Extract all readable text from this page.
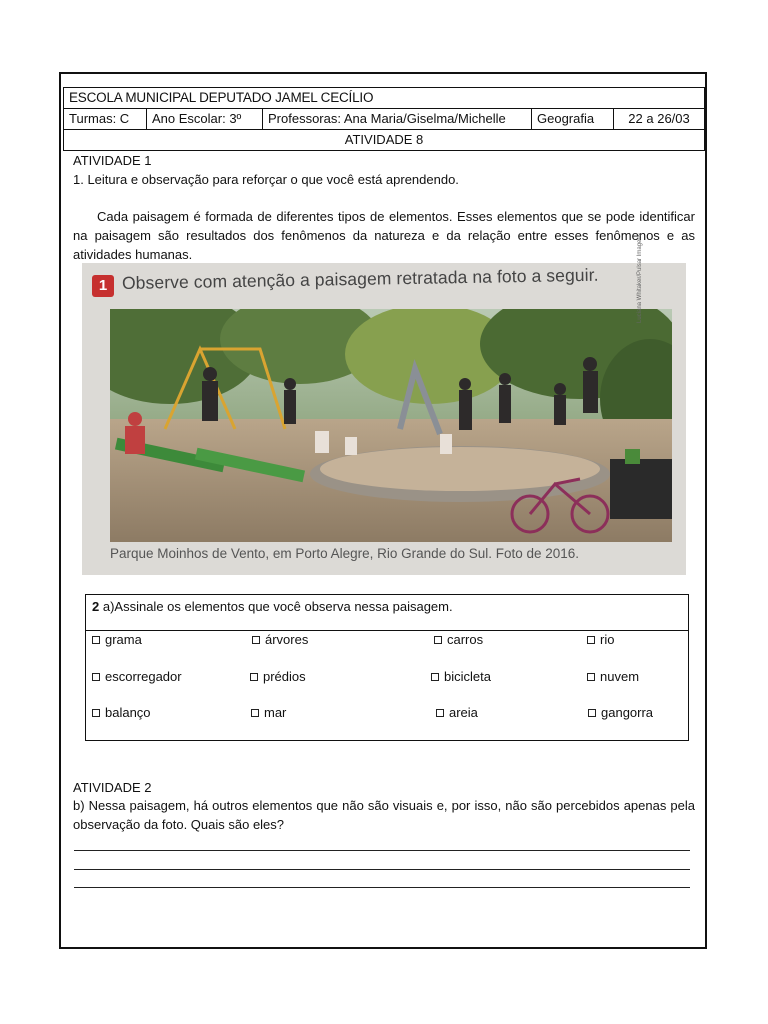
ESCOLA MUNICIPAL DEPUTADO JAMEL CECÍLIO
Turmas: C	Ano Escolar: 3º	Professoras: Ana Maria/Giselma/Michelle	Geografia	22 a 26/03
ATIVIDADE 8
ATIVIDADE 1
1. Leitura e observação para reforçar o que você está aprendendo.
Cada paisagem é formada de diferentes tipos de elementos. Esses elementos que se pode identificar na paisagem são resultados dos fenômenos da natureza e da relação entre esses fenômenos e as atividades humanas.
1 Observe com atenção a paisagem retratada na foto a seguir.	Luciana Whitaker/Pulsar Imagens
Parque Moinhos de Vento, em Porto Alegre, Rio Grande do Sul. Foto de 2016.
2 a)Assinale os elementos que você observa nessa paisagem.
grama	árvores	carros	rio
escorregador	prédios	bicicleta	nuvem
balanço	mar	areia	gangorra
ATIVIDADE 2
b) Nessa paisagem, há outros elementos que não são visuais e, por isso, não são percebidos apenas pela observação da foto. Quais são eles?
